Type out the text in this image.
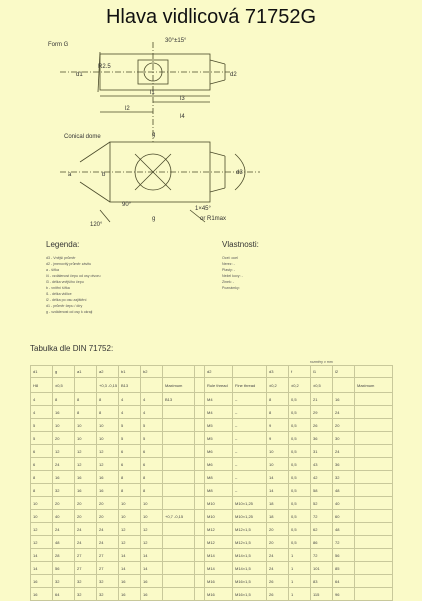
Hlava vidlicová 71752G
Form G
30°±15°
R2.5
Conical dome
1×45°
or R1max
90°
120°
d1	d2
d3
g
a	b
l1
l2
l3
l4
g
Legenda:
d3 - Vnější průměr
d2 - jmenovitý průměr závitu
a - šířka
l4 - vzdálenost čepu od osy otvoru
l3 - délka vnějšího čepu
b - vnitřní šířka
l1 - délka vidlice
l2 - délka po osu zajištění
d1 - průměr čepu / díry
g - vzdálenost od osy k okraji
Vlastnosti:
Ocel: ocel
Nerez: -
Plasty: -
Nežel kovy: -
Zinek: -
Poznámky:
Tabulka dle DIN 71752:
rozměry v mm
d1	g	a1	a2	b1	b2			d2		d3	f	l1	l2	
H8	±0,5		+0,3 -0,15	B13		Maximum		Rule thread	Fine thread	±0,2	±0,2	±0,5		Maximum
4	8	8	8	4	4	B13		M4	–	8	0,5	21	16	
4	16	8	8	4	4			M4	–	8	0,5	29	24	
5	10	10	10	5	5			M5	–	9	0,5	26	20	
5	20	10	10	5	5			M5	–	9	0,5	36	30	
6	12	12	12	6	6			M6	–	10	0,5	31	24	
6	24	12	12	6	6			M6	–	10	0,5	43	36	
8	16	16	16	8	8			M8	–	14	0,5	42	32	
8	32	16	16	8	8			M8	–	14	0,5	58	48	
10	20	20	20	10	10			M10	M10×1,25	18	0,5	52	40	
10	40	20	20	10	10	+0,7 -0,15		M10	M10×1,25	18	0,5	72	60	
12	24	24	24	12	12			M12	M12×1,5	20	0,5	62	48	
12	48	24	24	12	12			M12	M12×1,5	20	0,5	86	72	
14	28	27	27	14	14			M14	M14×1,5	24	1	72	56	
14	56	27	27	14	14			M14	M14×1,5	24	1	101	85	
16	32	32	32	16	16			M16	M16×1,5	26	1	83	64	
16	64	32	32	16	16			M16	M16×1,5	26	1	115	96	
